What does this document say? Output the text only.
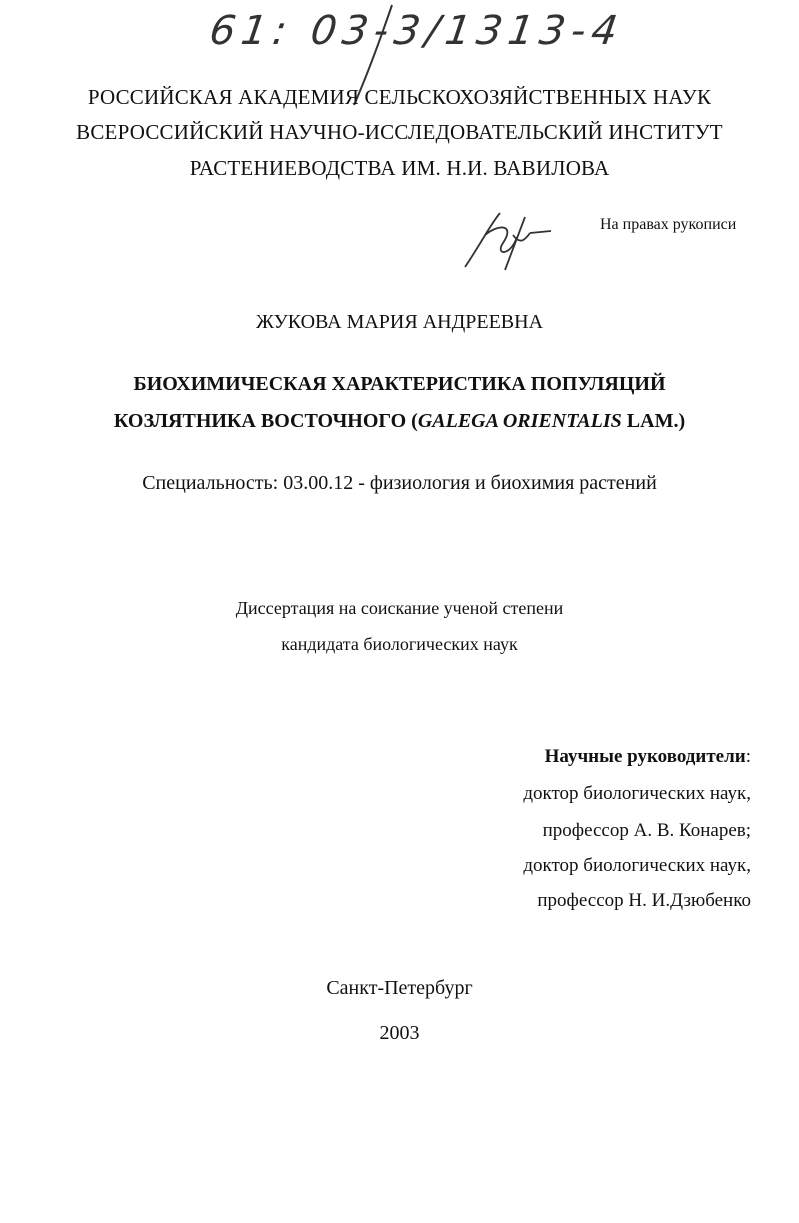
61: 03-3/1313-4
РОССИЙСКАЯ АКАДЕМИЯ СЕЛЬСКОХОЗЯЙСТВЕННЫХ НАУК
ВСЕРОССИЙСКИЙ НАУЧНО-ИССЛЕДОВАТЕЛЬСКИЙ ИНСТИТУТ
РАСТЕНИЕВОДСТВА ИМ. Н.И. ВАВИЛОВА
На правах рукописи
ЖУКОВА МАРИЯ АНДРЕЕВНА
БИОХИМИЧЕСКАЯ ХАРАКТЕРИСТИКА ПОПУЛЯЦИЙ
КОЗЛЯТНИКА ВОСТОЧНОГО (GALEGA ORIENTALIS LAM.)
Специальность: 03.00.12 - физиология и биохимия растений
Диссертация на соискание ученой степени
кандидата биологических наук
Научные руководители:
доктор биологических наук,
профессор А. В. Конарев;
доктор биологических наук,
профессор Н. И.Дзюбенко
Санкт-Петербург
2003
